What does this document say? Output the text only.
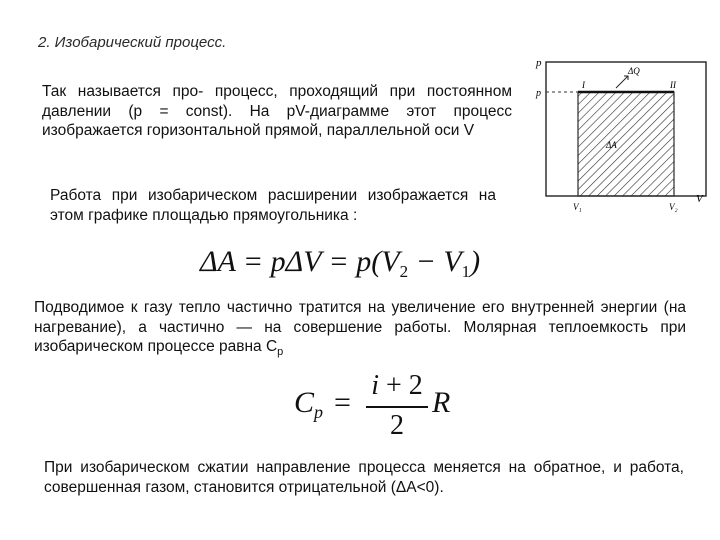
2. Изобарический процесс.

Так называется про- процесс, проходящий при постоянном давлении (p = const). На pV-диаграмме этот процесс изображается горизонтальной прямой, параллельной оси V

Работа при изобарическом расширении изображается на этом графике площадью прямоугольника :

$\Delta A = p\Delta V = p(V_2 - V_1)$

Подводимое к газу тепло частично тратится на увеличение его внутренней энергии (на нагревание), а частично — на совершение работы. Молярная теплоемкость при изобарическом процессе равна $C_p$

$C_p$ =
i + 2
2
R

При изобарическом сжатии направление процесса меняется на обратное, и работа, совершенная газом, становится отрицательной (ΔA<0).

p
V
p
V₁	V₂
I	II
ΔQ
ΔA
